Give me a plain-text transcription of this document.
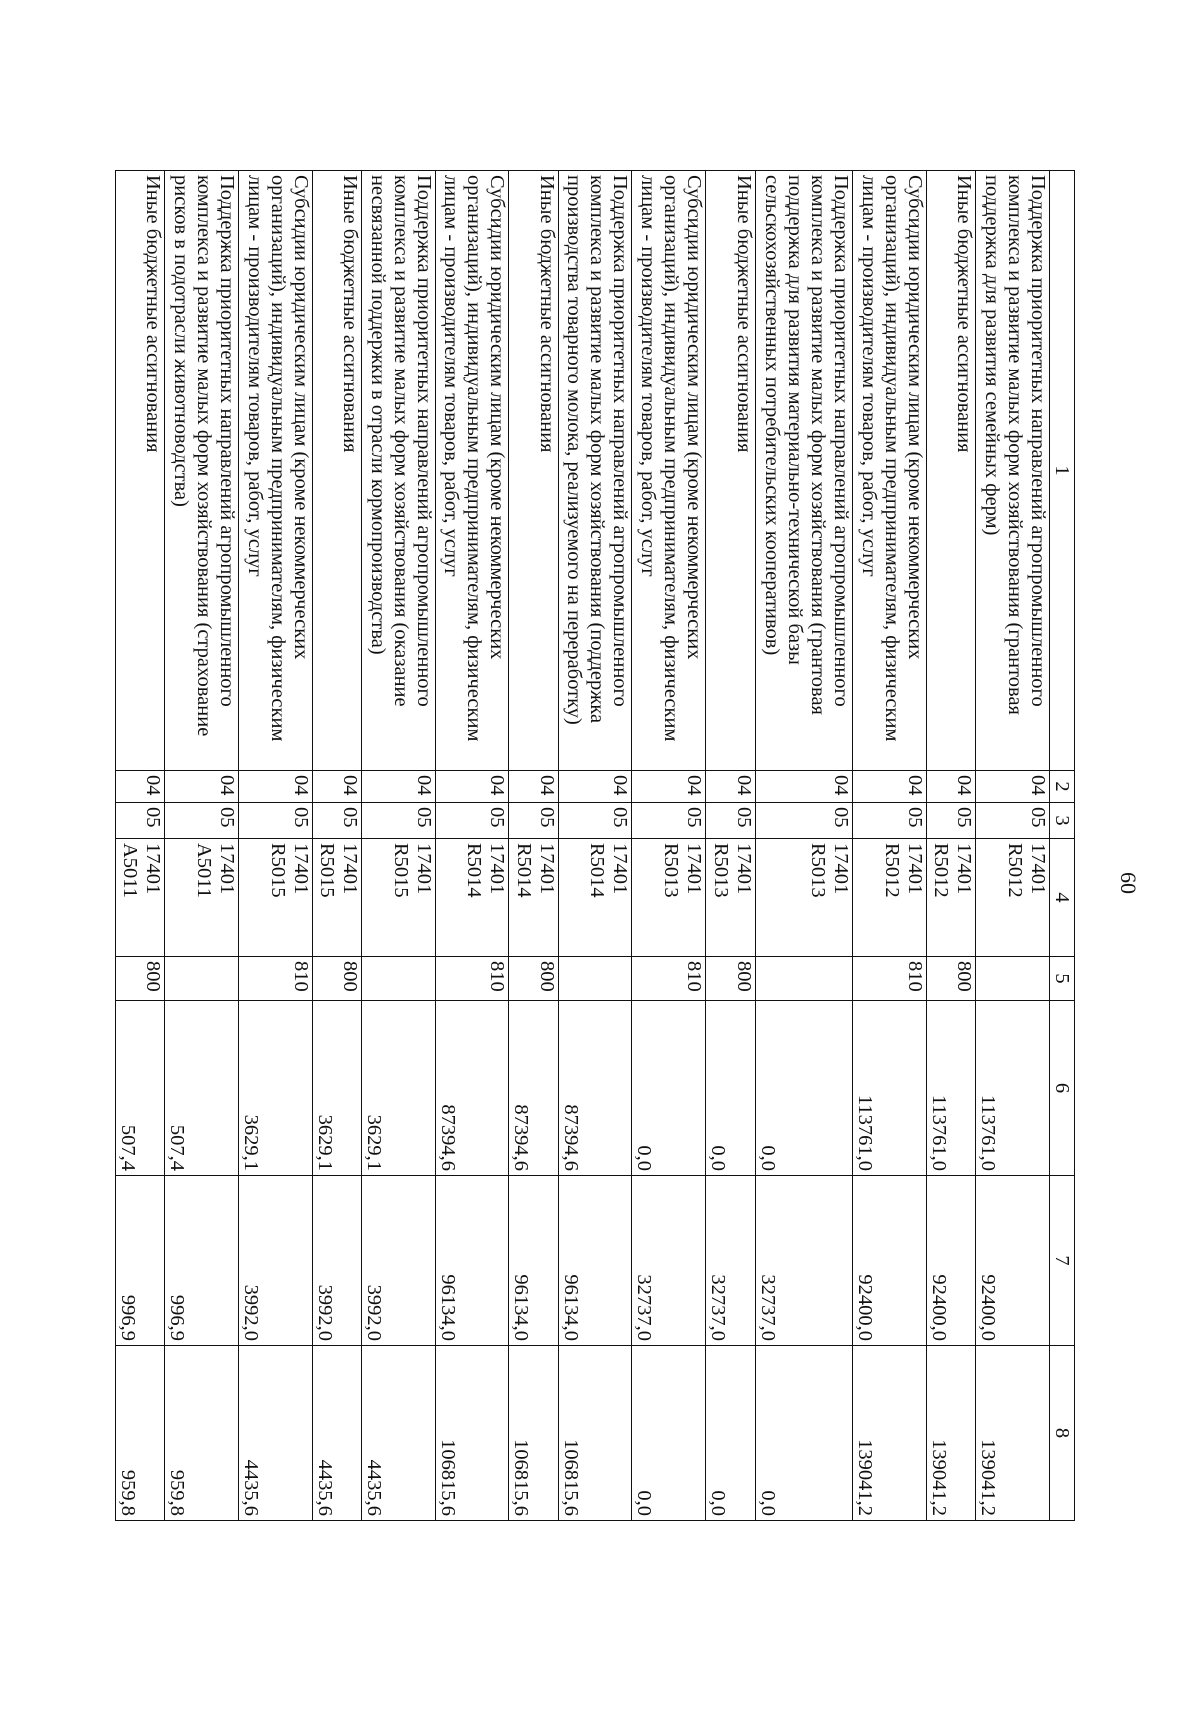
60
1	2	3	4	5	6	7	8
Поддержка приоритетных направлений агропромышленного комплекса и развитие малых форм хозяйствования (грантовая поддержка для развития семейных ферм)	04	05	17401 R5012		113761,0	92400,0	139041,2
Иные бюджетные ассигнования	04	05	17401 R5012	800	113761,0	92400,0	139041,2
Субсидии юридическим лицам (кроме некоммерческих организаций), индивидуальным предпринимателям, физическим лицам - производителям товаров, работ, услуг	04	05	17401 R5012	810	113761,0	92400,0	139041,2
Поддержка приоритетных направлений агропромышленного комплекса и развитие малых форм хозяйствования (грантовая поддержка для развития материально-технической базы сельскохозяйственных потребительских кооперативов)	04	05	17401 R5013		0,0	32737,0	0,0
Иные бюджетные ассигнования	04	05	17401 R5013	800	0,0	32737,0	0,0
Субсидии юридическим лицам (кроме некоммерческих организаций), индивидуальным предпринимателям, физическим лицам - производителям товаров, работ, услуг	04	05	17401 R5013	810	0,0	32737,0	0,0
Поддержка приоритетных направлений агропромышленного комплекса и развитие малых форм хозяйствования (поддержка производства товарного молока, реализуемого на переработку)	04	05	17401 R5014		87394,6	96134,0	106815,6
Иные бюджетные ассигнования	04	05	17401 R5014	800	87394,6	96134,0	106815,6
Субсидии юридическим лицам (кроме некоммерческих организаций), индивидуальным предпринимателям, физическим лицам - производителям товаров, работ, услуг	04	05	17401 R5014	810	87394,6	96134,0	106815,6
Поддержка приоритетных направлений агропромышленного комплекса и развитие малых форм хозяйствования (оказание несвязанной поддержки в отрасли кормопроизводства)	04	05	17401 R5015		3629,1	3992,0	4435,6
Иные бюджетные ассигнования	04	05	17401 R5015	800	3629,1	3992,0	4435,6
Субсидии юридическим лицам (кроме некоммерческих организаций), индивидуальным предпринимателям, физическим лицам - производителям товаров, работ, услуг	04	05	17401 R5015	810	3629,1	3992,0	4435,6
Поддержка приоритетных направлений агропромышленного комплекса и развитие малых форм хозяйствования (страхование рисков в подотрасли животноводства)	04	05	17401 A5011		507,4	996,9	959,8
Иные бюджетные ассигнования	04	05	17401 A5011	800	507,4	996,9	959,8
